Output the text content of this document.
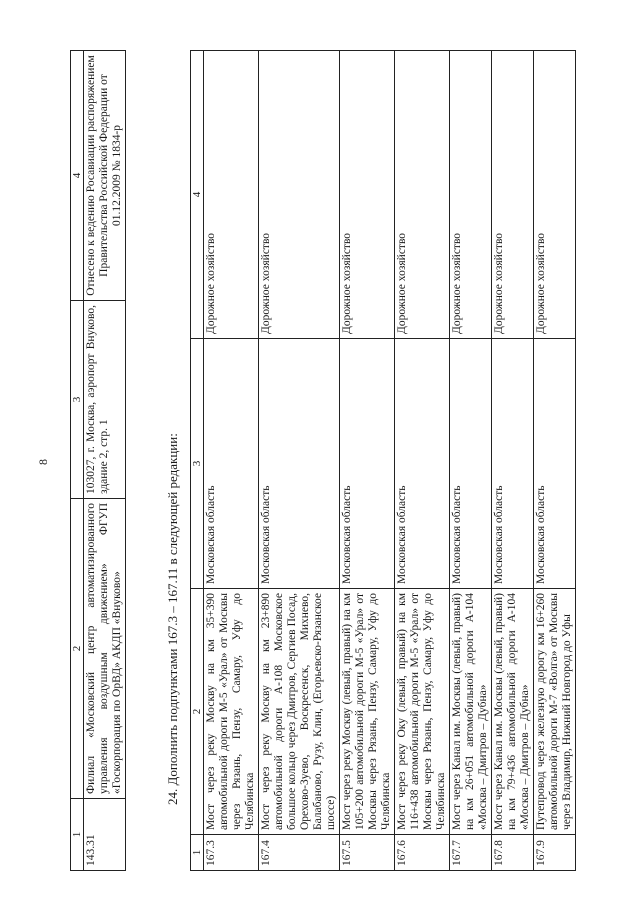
8
1	2	3	4
143.31	Филиал «Московский центр автоматизированного управления воздушным движением» ФГУП «Госкорпорация по ОрВД» АКДП «Внуково»	103027, г. Москва, аэропорт Внуково, здание 2, стр. 1	Отнесено к ведению Росавиации распоряжением Правительства Российской Федерации от 01.12.2009 № 1834-р
24. Дополнить подпунктами 167.3 – 167.11 в следующей редакции:
1	2	3	4
167.3	Мост через реку Москву на км 35+390 автомобильной дороги М-5 «Урал» от Москвы через Рязань, Пензу, Самару, Уфу до Челябинска	Московская область	Дорожное хозяйство
167.4	Мост через реку Москву на км 23+890 автомобильной дороги А-108 Московское большое кольцо через Дмитров, Сергиев Посад, Орехово-Зуево, Воскресенск, Михнево, Балабаново, Рузу, Клин, (Егорьевско-Рязанское шоссе)	Московская область	Дорожное хозяйство
167.5	Мост через реку Москву (левый, правый) на км 105+200 автомобильной дороги М-5 «Урал» от Москвы через Рязань, Пензу, Самару, Уфу до Челябинска	Московская область	Дорожное хозяйство
167.6	Мост через реку Оку (левый, правый) на км 116+438 автомобильной дороги М-5 «Урал» от Москвы через Рязань, Пензу, Самару, Уфу до Челябинска	Московская область	Дорожное хозяйство
167.7	Мост через Канал им. Москвы (левый, правый) на км 26+051 автомобильной дороги А-104 «Москва – Дмитров – Дубна»	Московская область	Дорожное хозяйство
167.8	Мост через Канал им. Москвы (левый, правый) на км 79+436 автомобильной дороги А-104 «Москва – Дмитров – Дубна»	Московская область	Дорожное хозяйство
167.9	Путепровод через железную дорогу км 16+260 автомобильной дороги М-7 «Волга» от Москвы через Владимир, Нижний Новгород до Уфы	Московская область	Дорожное хозяйство
